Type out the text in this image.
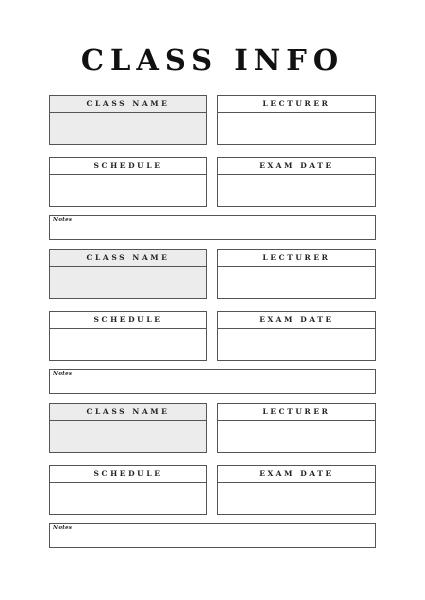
CLASS INFO
CLASS NAME	LECTURER
SCHEDULE	EXAM DATE
Notes
CLASS NAME	LECTURER
SCHEDULE	EXAM DATE
Notes
CLASS NAME	LECTURER
SCHEDULE	EXAM DATE
Notes
